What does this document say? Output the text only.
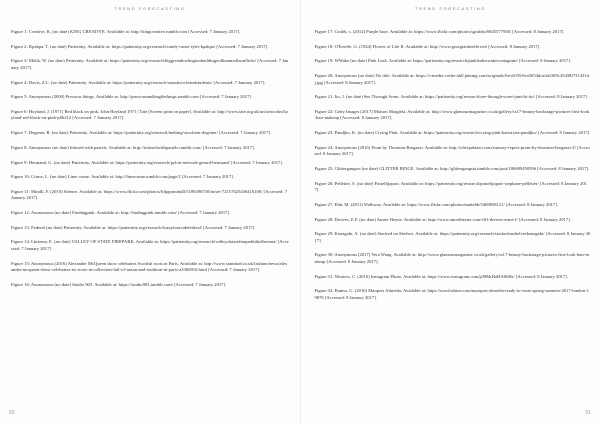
TREND FORECASTING

Figure 1: Creative, K. (no date) KING CREATIVE. Available at: http://kingcreative.tumblr.com [Accessed: 7 January 2017].

Figure 2: Kpakpa, T. (no date) Patternity. Available at: https://patternity.org/research/candy-camo-tyler-kpakpa/ [Accessed: 7 January 2017].

Figure 3: Molla, W. (no date) Patternity. Available at: https://patternity.org/research/biggreenhoelingtonbuildingwilliammollaonflickr/ [Accessed: 7 January 2017].

Figure 4: Davis, Z.L. (no date) Patternity. Available at: https://patternity.org/research/smashcircleandstudents/ [Accessed: 7 January 2017].

Figure 5: Anonymous (2000) Precious things. Available at: http://preciousandfragilethings.tumblr.com [Accessed: 7 January 2017].

Figure 6: Hoyland, J. (1971) Red black on pink, John Hoyland 1971 | Tate [Screen print on paper]. Available at: http://www.tate.org.uk/art/artworks/hoyland-red-black-on-pink-p06212 [Accessed: 7 January 2017].

Figure 7: Degener, R. (no date) Patternity. Available at: https://patternity.org/research/melting-stoolsent-degener/ [Accessed: 7 January 2017].

Figure 8: Anonymous (no date) Infused with pastels. Available at: http://infusedwithpastels.tumblr.com/ [Accessed: 7 January 2017].

Figure 9: Hermand, G. (no date) Patternity. Available at: https://patternity.org/research/pylon-network-gerard-hermand/ [Accessed: 7 January 2017].

Figure 10: Crime, L. (no date) Lime crime. Available at: http://limecrime.tumblr.com/page/2 [Accessed: 7 January 2017].

Figure 11: Mindli, F. (2010) Silence. Available at: https://www.flickr.com/photos/filippomindli/5189496730/in/set-72157625436416106/ [Accessed: 7 January 2017].

Figure 12: Anonymous (no date) Findingpink. Available at: http://findingpink.tumblr.com/ [Accessed: 7 January 2017].

Figure 13: Federal (no date) Patternity. Available at: https://patternity.org/research/fuzzyfoursidefederal/ [Accessed: 7 January 2017].

Figure 14: Lhriema, E. (no date) VALLEY OF STATE FIREPARK. Available at: https://patternity.org/research/valleyofstatefireparkhikelhriema/ [Accessed: 7 January 2017].

Figure 15: Anonymous (2016) Alexander McQueen show celebrates Scottish roots in Paris. Available at: http://www.standard.co.uk/fashion/news/alexander-mcqueen-show-celebrates-its-roots-in-collection-full-of-tartan-and-tradition-in-paris-a3366916.html [Accessed: 7 January 2017].

Figure 16: Anonymous (no date) Studio 903. Available at: https://studio903.tumblr.com/ [Accessed: 7 January 2017].

50
TREND FORECASTING

Figure 17: Grubb, s. (2012) Purple haze. Available at: https://www.flickr.com/photos/sgrubbs/6845577938/ [Accessed: 8 January 2017].

Figure 18: O'Keeffe, G. (1924) Flower of Life II. Available at: http://www.georgiaokeeffe.net/ [Accessed: 8 January 2017].

Figure 19: WWake (no date) Pink Leak. Available at: https://patternity.org/research/pinkleakwwakecontagram/ [Accessed: 8 January 2017].

Figure 20: Anonymous (no date) No title. Available at: https://s-media-cache-ak0.pinimg.com/originals/6e/a5/05/6ea5054dcafaf20f9c35d38f731431dj.jpg [Accessed: 8 January 2017].

Figure 21: Ito, J. (no date) See Through Scent. Available at: https://patternity.org/research/see-through-scent-junichi-ito/ [Accessed: 8 January 2017].

Figure 22: Getty Images (2017) Maison Margiela. Available at: http://www.glamourmagazine.co.uk/gallery/ss17-beauty-backstage-pictures-first-look-hair-makeup [Accessed: 8 January 2017].

Figure 23: Pandjko, K. (no date) Crying Pink. Available at: https://patternity.org/research/crying-pink-katerryna-pandjko/ [Accessed: 8 January 2017].

Figure 24: Anonymous (2016) Prom by Thornton Bregazzi. Available at: http://olivipalazzo.com/runway-report-prom-by-thornton-bregazzi-2/ [Accessed: 8 January 2017].

Figure 25: Glittergangsta (no date) GLITTER BINGE. Available at: http://glittergangsta.tumblr.com/post/106689450596 [Accessed: 8 January 2017].

Figure 26: Pelletier, S. (no date) Pastellijapaw. Available at: https://patternity.org/research/pastelijapaw-stephane-pelletier/ [Accessed: 8 January 2017].

Figure 27: Ebb, M. (2011) Walkway. Available at: https://www.flickr.com/photos/mattebb/5408858121/ [Accessed: 8 January 2017].

Figure 28: Drewes, E.F. (no date) Amrei Heyne. Available at: http://www.amreiheyne.com/v01/drewes-ernst-f/ [Accessed: 8 January 2017].

Figure 29: Kenagaki, A. (no date) Stacked on Shelves. Available at: https://patternity.org/research/stackedonshelveskenagaki/ [Accessed: 8 January 2017].

Figure 30: Anonymous (2017) Vera Wang. Available at: http://www.glamourmagazine.co.uk/gallery/ss17-beauty-backstage-pictures-first-look-hair-makeup [Accessed: 8 January 2017].

Figure 31: Wooters, C. (2016) Instagram Photo. Available at: https://www.instagram.com/p/BMrHaHA0bHs/ [Accessed: 8 January 2017].

Figure 32: Baimo, G. (2016) Marques Almeida. Available at: https://nowfashion.com/marques-almeida-ready-to-wear-spring-summer-2017-london-19876 [Accessed: 8 January 2017].

51
